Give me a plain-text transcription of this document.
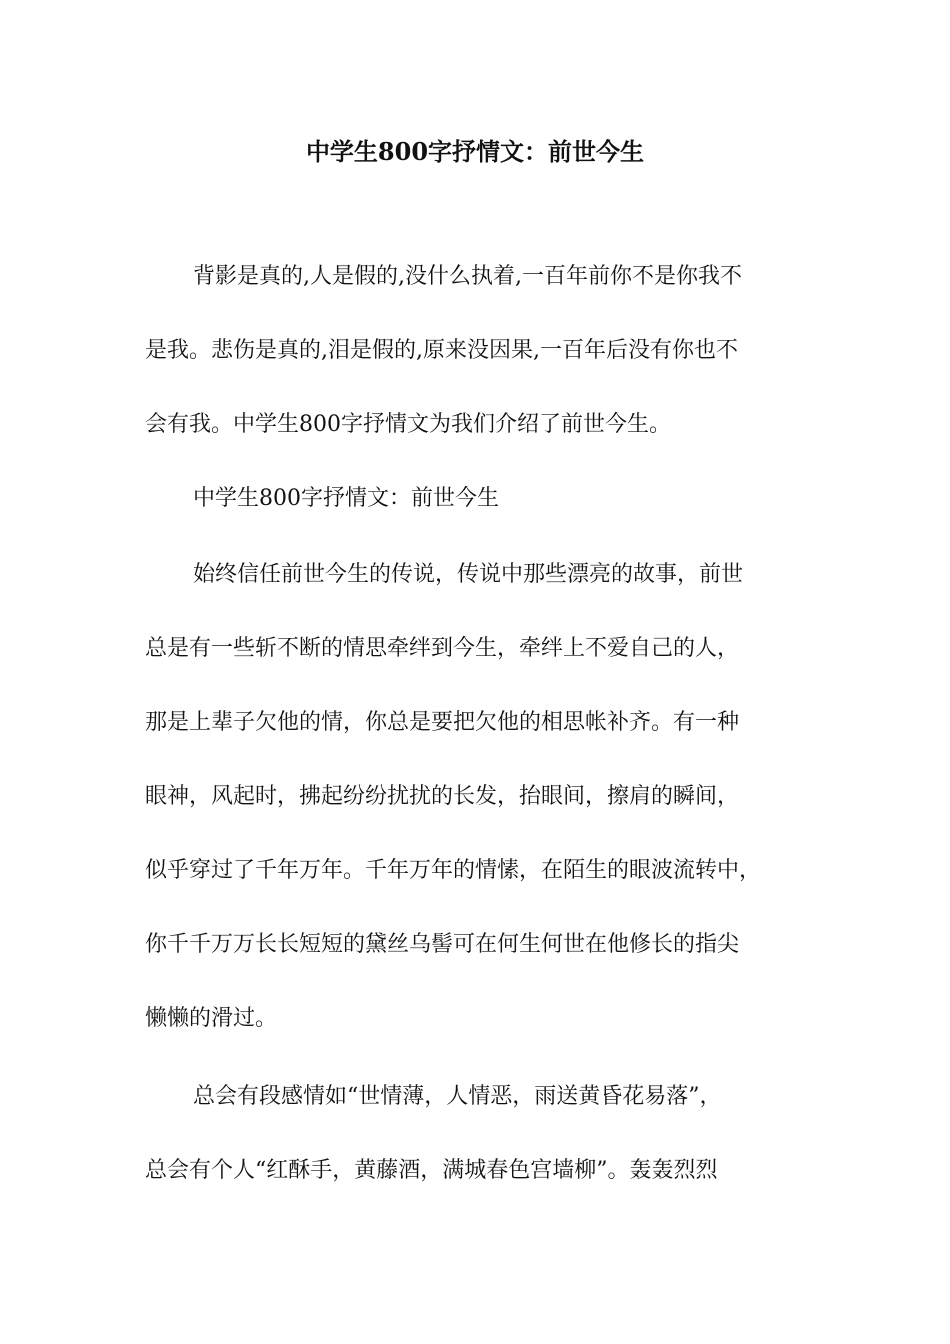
中学生800字抒情文：前世今生
背影是真的,人是假的,没什么执着,一百年前你不是你我不
是我。悲伤是真的,泪是假的,原来没因果,一百年后没有你也不
会有我。中学生800字抒情文为我们介绍了前世今生。
中学生800字抒情文：前世今生
始终信任前世今生的传说，传说中那些漂亮的故事，前世
总是有一些斩不断的情思牵绊到今生，牵绊上不爱自己的人，
那是上辈子欠他的情，你总是要把欠他的相思帐补齐。有一种
眼神，风起时，拂起纷纷扰扰的长发，抬眼间，擦肩的瞬间，
似乎穿过了千年万年。千年万年的情愫，在陌生的眼波流转中，
你千千万万长长短短的黛丝乌髻可在何生何世在他修长的指尖
懒懒的滑过。
总会有段感情如“世情薄，人情恶，雨送黄昏花易落”，
总会有个人“红酥手，黄藤酒，满城春色宫墙柳”。轰轰烈烈
